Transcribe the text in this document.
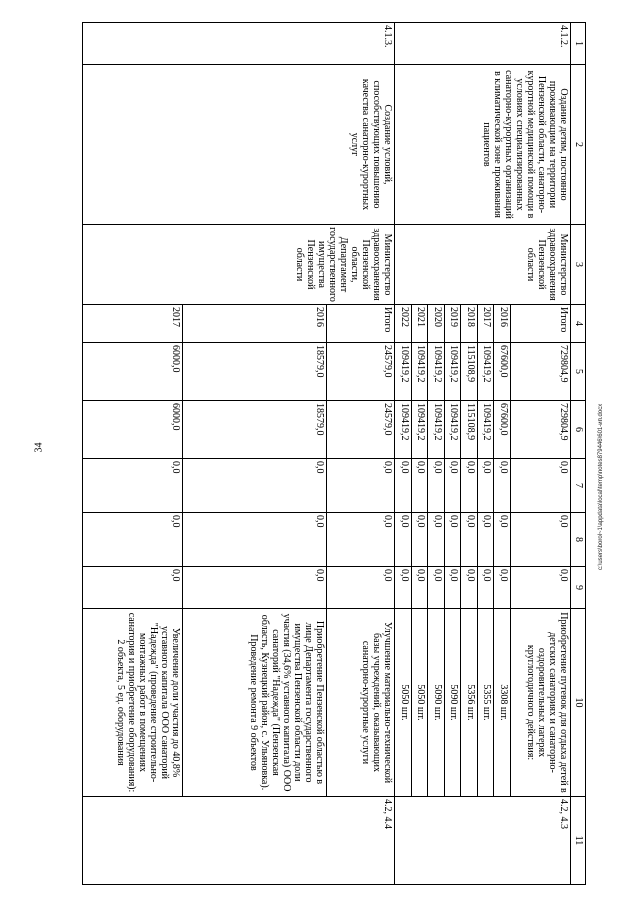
34	c:\users\borol~1\appdata\local\temp\notes879446\601-ип.docx
1	2	3	4	5	6	7	8	9	10	11
4.1.2.	Оздание детям, постоянно проживающим на территории Пензенской области, санаторно-курортной медицинской помощи в условиях специализированных санаторно-курортных организаций в климатической зоне проживания пациентов	Министерство здравоохранения Пензенской области	Итого	729804,9	729804,9	0,0	0,0	0,0	Приобретение путевок для отдыха детей в детских санаториях и санаторно-оздоровительных лагерях круглогодичного действия:	4.2, 4.3
			2016	67600,0	67600,0	0,0	0,0	0,0	3308 шт.	
			2017	109419,2	109419,2	0,0	0,0	0,0	5355 шт.	
			2018	115108,9	115108,9	0,0	0,0	0,0	5356 шт.	
			2019	109419,2	109419,2	0,0	0,0	0,0	5090 шт.	
			2020	109419,2	109419,2	0,0	0,0	0,0	5090 шт.	
			2021	109419,2	109419,2	0,0	0,0	0,0	5050 шт.	
			2022	109419,2	109419,2	0,0	0,0	0,0	5050 шт.	
4.1.3.	Создание условий, способствующих повышению качества санаторно-курортных услуг	Министерство здравоохранения Пензенской области,
Департамент государственного имущества Пензенской области	Итого	24579,0	24579,0	0,0	0,0	0,0	Улучшение материально-технической базы учреждений, оказывающих санаторно-курортные услуги	4.2, 4.4
			2016	18579,0	18579,0	0,0	0,0	0,0	Приобретение Пензенской областью в лице Департамента государственного имущества Пензенской области доли участия (34,6% уставного капитала) ООО санаторий "Надежда" (Пензенская область, Кузнецкий район, с. Ульяновка). Проведение ремонта 9 объектов	
			2017	6000,0	6000,0	0,0	0,0	0,0	Увеличение доли участия до 40,8% уставного капитала ООО санаторий "Надежда" (проведение строительно-монтажных работ в помещениях санатория и приобретение оборудования): 2 объекта, 5 ед. оборудования	
